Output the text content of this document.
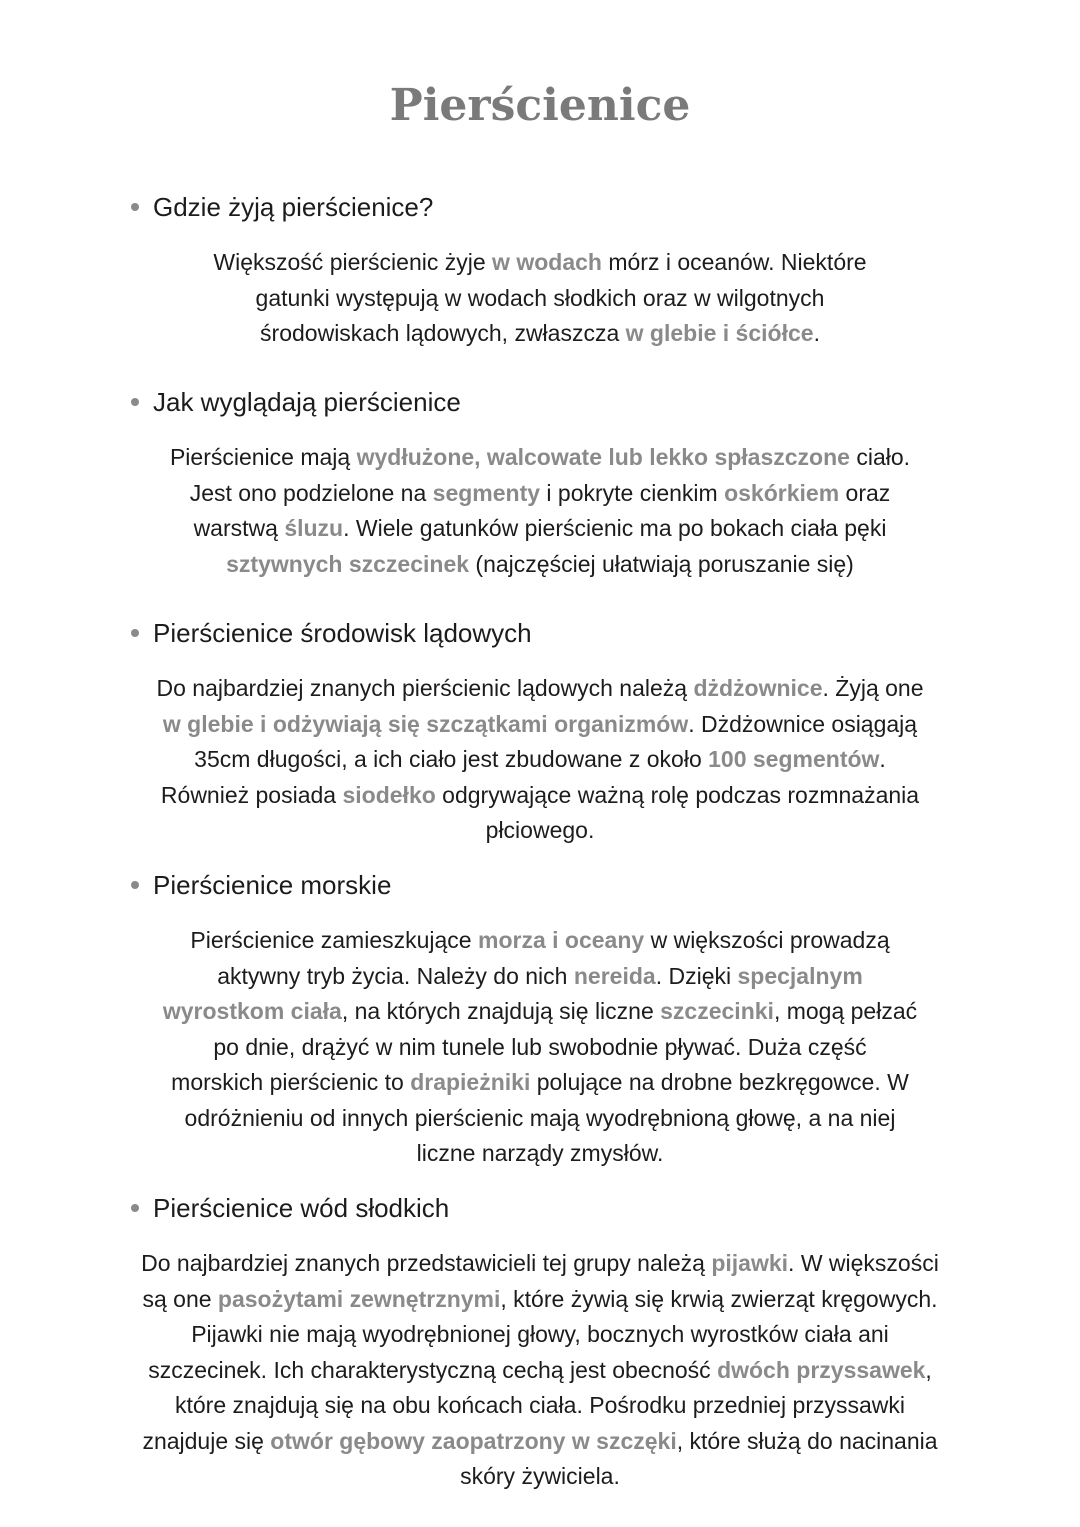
Pierścienice
Gdzie żyją pierścienice?
Większość pierścienic żyje w wodach mórz i oceanów. Niektóre
gatunki występują w wodach słodkich oraz w wilgotnych
środowiskach lądowych, zwłaszcza w glebie i ściółce.
Jak wyglądają pierścienice
Pierścienice mają wydłużone, walcowate lub lekko spłaszczone ciało.
Jest ono podzielone na segmenty i pokryte cienkim oskórkiem oraz
warstwą śluzu. Wiele gatunków pierścienic ma po bokach ciała pęki
sztywnych szczecinek (najczęściej ułatwiają poruszanie się)
Pierścienice środowisk lądowych
Do najbardziej znanych pierścienic lądowych należą dżdżownice. Żyją one
w glebie i odżywiają się szczątkami organizmów. Dżdżownice osiągają
35cm długości, a ich ciało jest zbudowane z około 100 segmentów.
Również posiada siodełko odgrywające ważną rolę podczas rozmnażania
płciowego.
Pierścienice morskie
Pierścienice zamieszkujące morza i oceany w większości prowadzą
aktywny tryb życia. Należy do nich nereida. Dzięki specjalnym
wyrostkom ciała, na których znajdują się liczne szczecinki, mogą pełzać
po dnie, drążyć w nim tunele lub swobodnie pływać. Duża część
morskich pierścienic to drapieżniki polujące na drobne bezkręgowce. W
odróżnieniu od innych pierścienic mają wyodrębnioną głowę, a na niej
liczne narządy zmysłów.
Pierścienice wód słodkich
Do najbardziej znanych przedstawicieli tej grupy należą pijawki. W większości
są one pasożytami zewnętrznymi, które żywią się krwią zwierząt kręgowych.
Pijawki nie mają wyodrębnionej głowy, bocznych wyrostków ciała ani
szczecinek. Ich charakterystyczną cechą jest obecność dwóch przyssawek,
które znajdują się na obu końcach ciała. Pośrodku przedniej przyssawki
znajduje się otwór gębowy zaopatrzony w szczęki, które służą do nacinania
skóry żywiciela.
